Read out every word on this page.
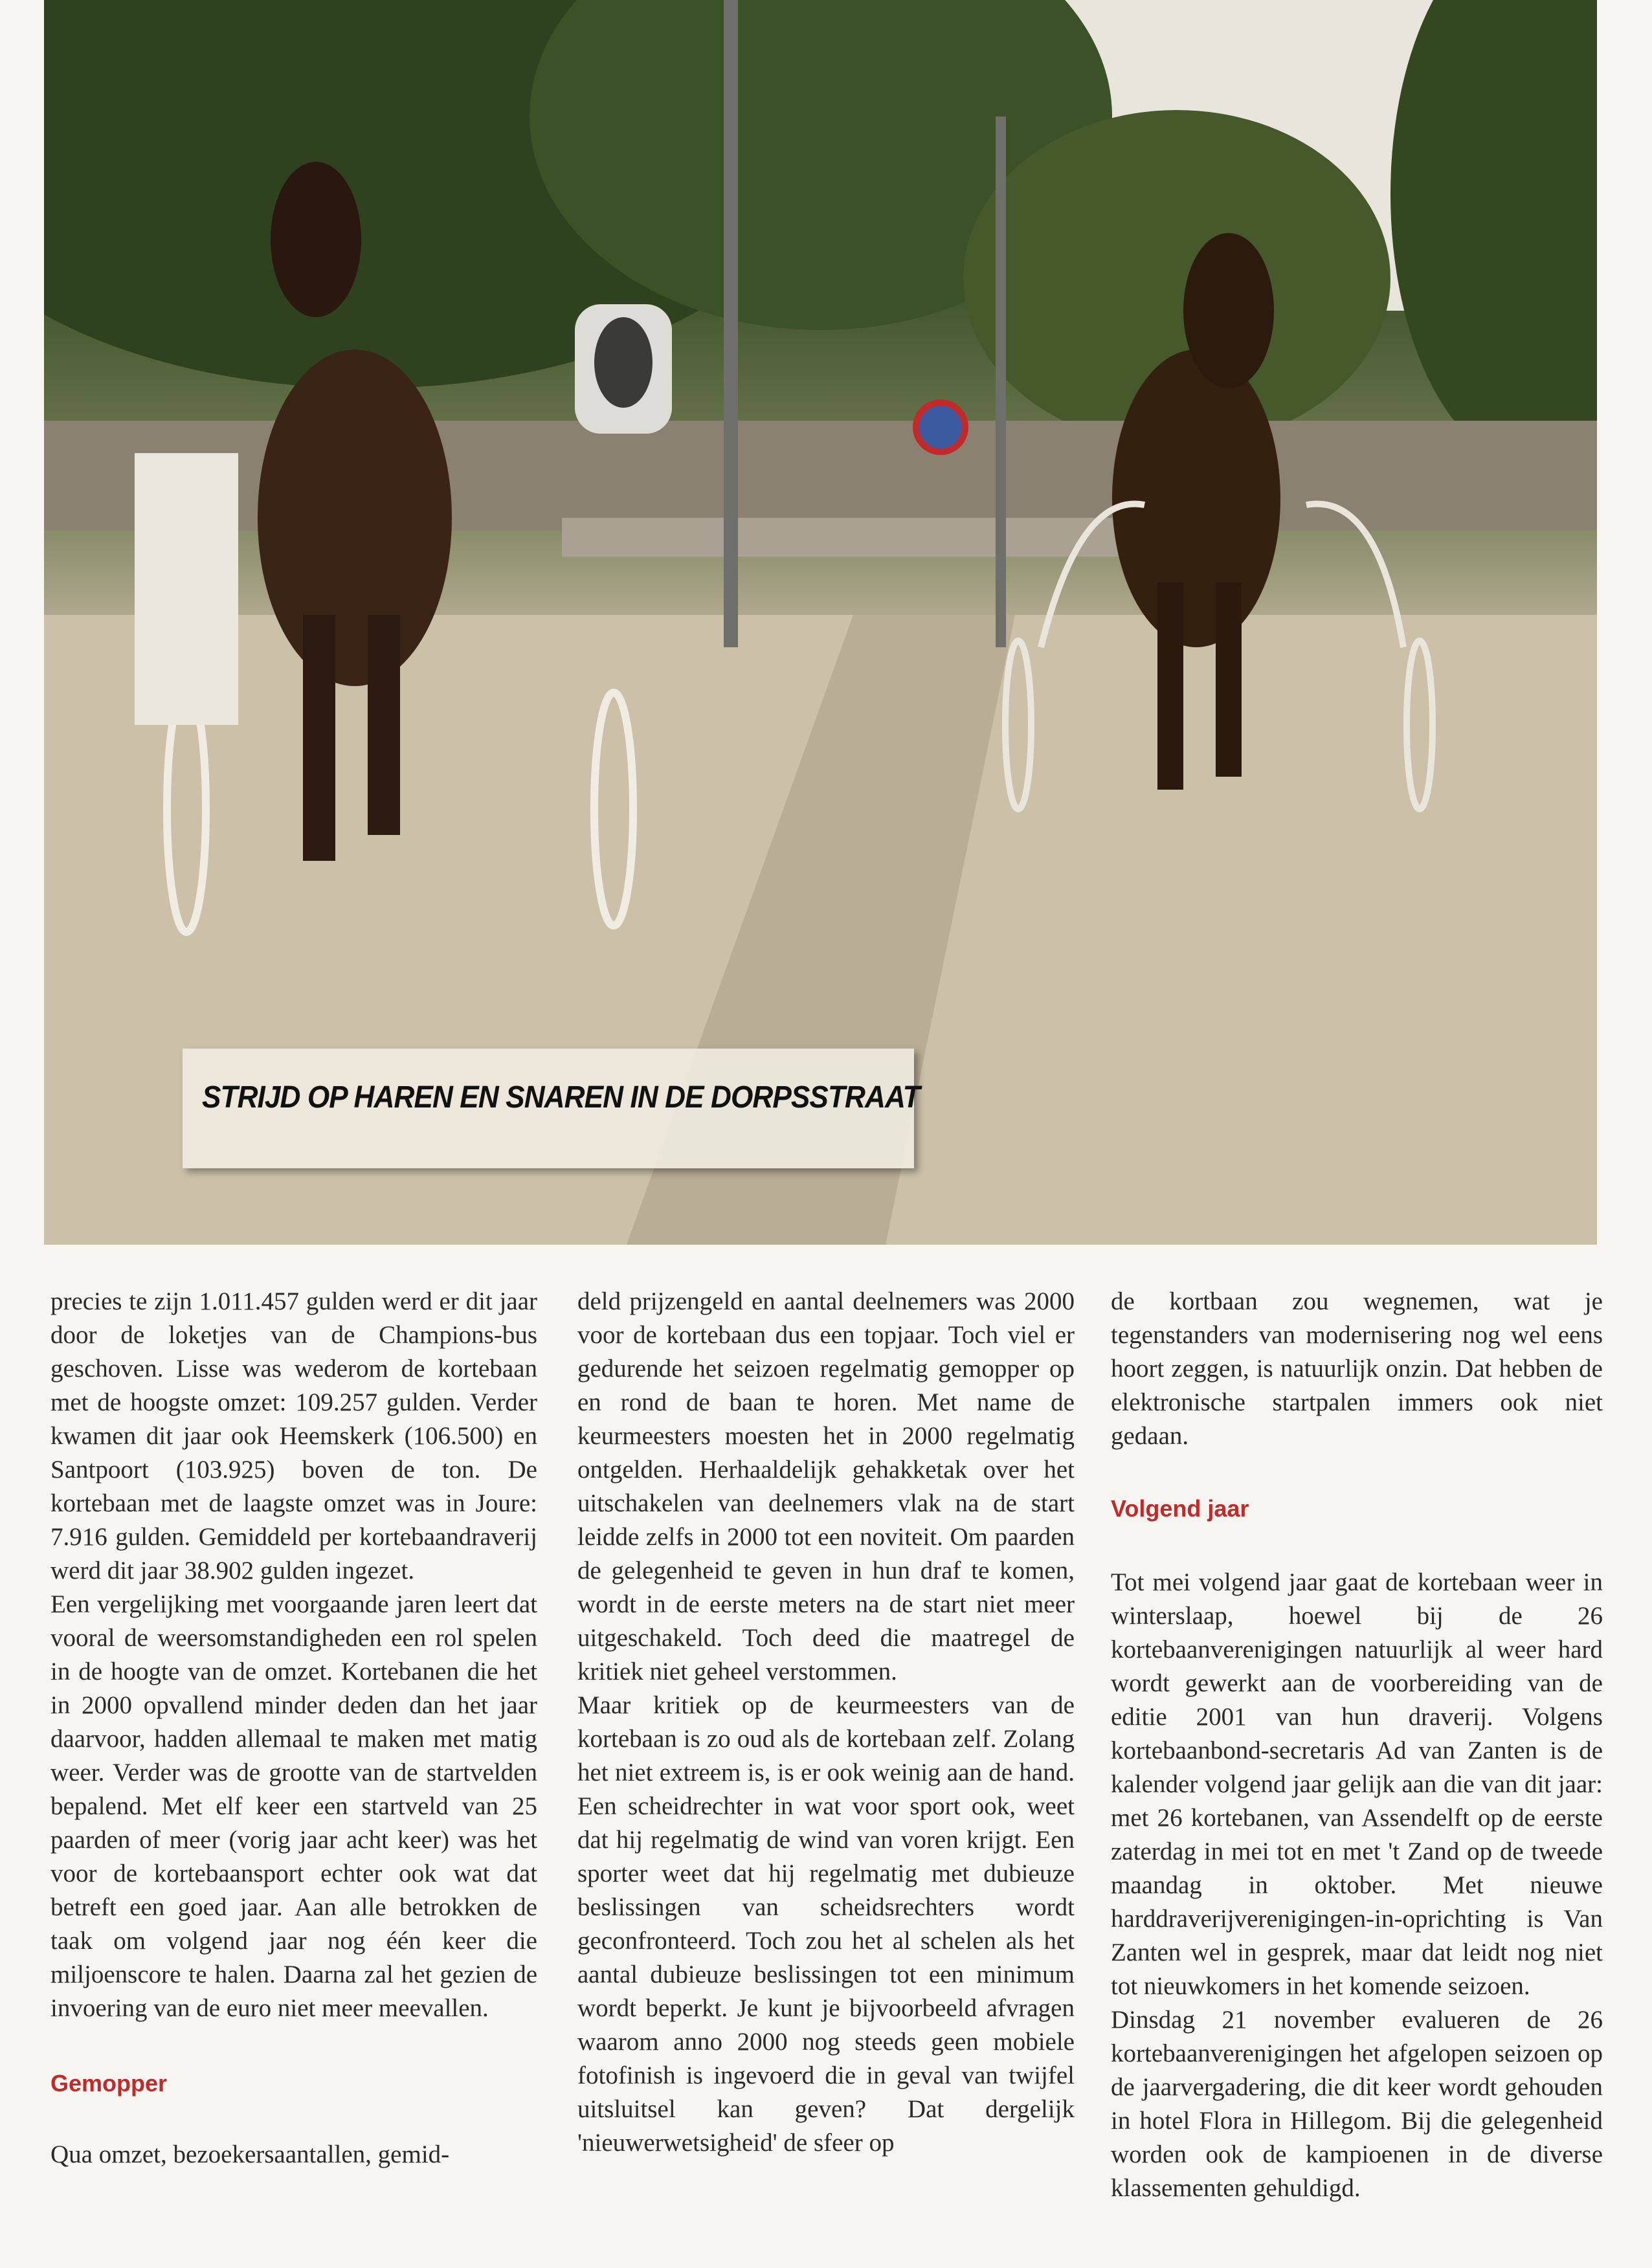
STRIJD OP HAREN EN SNAREN IN DE DORPSSTRAAT

precies te zijn 1.011.457 gulden werd er dit jaar door de loketjes van de Champions-bus geschoven. Lisse was wederom de kortebaan met de hoogste omzet: 109.257 gulden. Verder kwamen dit jaar ook Heemskerk (106.500) en Santpoort (103.925) boven de ton. De kortebaan met de laagste omzet was in Joure: 7.916 gulden. Gemiddeld per kortebaandraverij werd dit jaar 38.902 gulden ingezet.

Een vergelijking met voorgaande jaren leert dat vooral de weersomstandigheden een rol spelen in de hoogte van de omzet. Kortebanen die het in 2000 opvallend minder deden dan het jaar daarvoor, hadden allemaal te maken met matig weer. Verder was de grootte van de startvelden bepalend. Met elf keer een startveld van 25 paarden of meer (vorig jaar acht keer) was het voor de kortebaansport echter ook wat dat betreft een goed jaar. Aan alle betrokken de taak om volgend jaar nog één keer die miljoenscore te halen. Daarna zal het gezien de invoering van de euro niet meer meevallen.

Gemopper

Qua omzet, bezoekersaantallen, gemid-

deld prijzengeld en aantal deelnemers was 2000 voor de kortebaan dus een topjaar. Toch viel er gedurende het seizoen regelmatig gemopper op en rond de baan te horen. Met name de keurmeesters moesten het in 2000 regelmatig ontgelden. Herhaaldelijk gehakketak over het uitschakelen van deelnemers vlak na de start leidde zelfs in 2000 tot een noviteit. Om paarden de gelegenheid te geven in hun draf te komen, wordt in de eerste meters na de start niet meer uitgeschakeld. Toch deed die maatregel de kritiek niet geheel verstommen.

Maar kritiek op de keurmeesters van de kortebaan is zo oud als de kortebaan zelf. Zolang het niet extreem is, is er ook weinig aan de hand. Een scheidrechter in wat voor sport ook, weet dat hij regelmatig de wind van voren krijgt. Een sporter weet dat hij regelmatig met dubieuze beslissingen van scheidsrechters wordt geconfronteerd. Toch zou het al schelen als het aantal dubieuze beslissingen tot een minimum wordt beperkt. Je kunt je bijvoorbeeld afvragen waarom anno 2000 nog steeds geen mobiele fotofinish is ingevoerd die in geval van twijfel uitsluitsel kan geven? Dat dergelijk 'nieuwerwetsigheid' de sfeer op

de kortbaan zou wegnemen, wat je tegenstanders van modernisering nog wel eens hoort zeggen, is natuurlijk onzin. Dat hebben de elektronische startpalen immers ook niet gedaan.

Volgend jaar

Tot mei volgend jaar gaat de kortebaan weer in winterslaap, hoewel bij de 26 kortebaanverenigingen natuurlijk al weer hard wordt gewerkt aan de voorbereiding van de editie 2001 van hun draverij. Volgens kortebaanbond-secretaris Ad van Zanten is de kalender volgend jaar gelijk aan die van dit jaar: met 26 kortebanen, van Assendelft op de eerste zaterdag in mei tot en met 't Zand op de tweede maandag in oktober. Met nieuwe harddraverijverenigingen-in-oprichting is Van Zanten wel in gesprek, maar dat leidt nog niet tot nieuwkomers in het komende seizoen.

Dinsdag 21 november evalueren de 26 kortebaanverenigingen het afgelopen seizoen op de jaarvergadering, die dit keer wordt gehouden in hotel Flora in Hillegom. Bij die gelegenheid worden ook de kampioenen in de diverse klassementen gehuldigd.
